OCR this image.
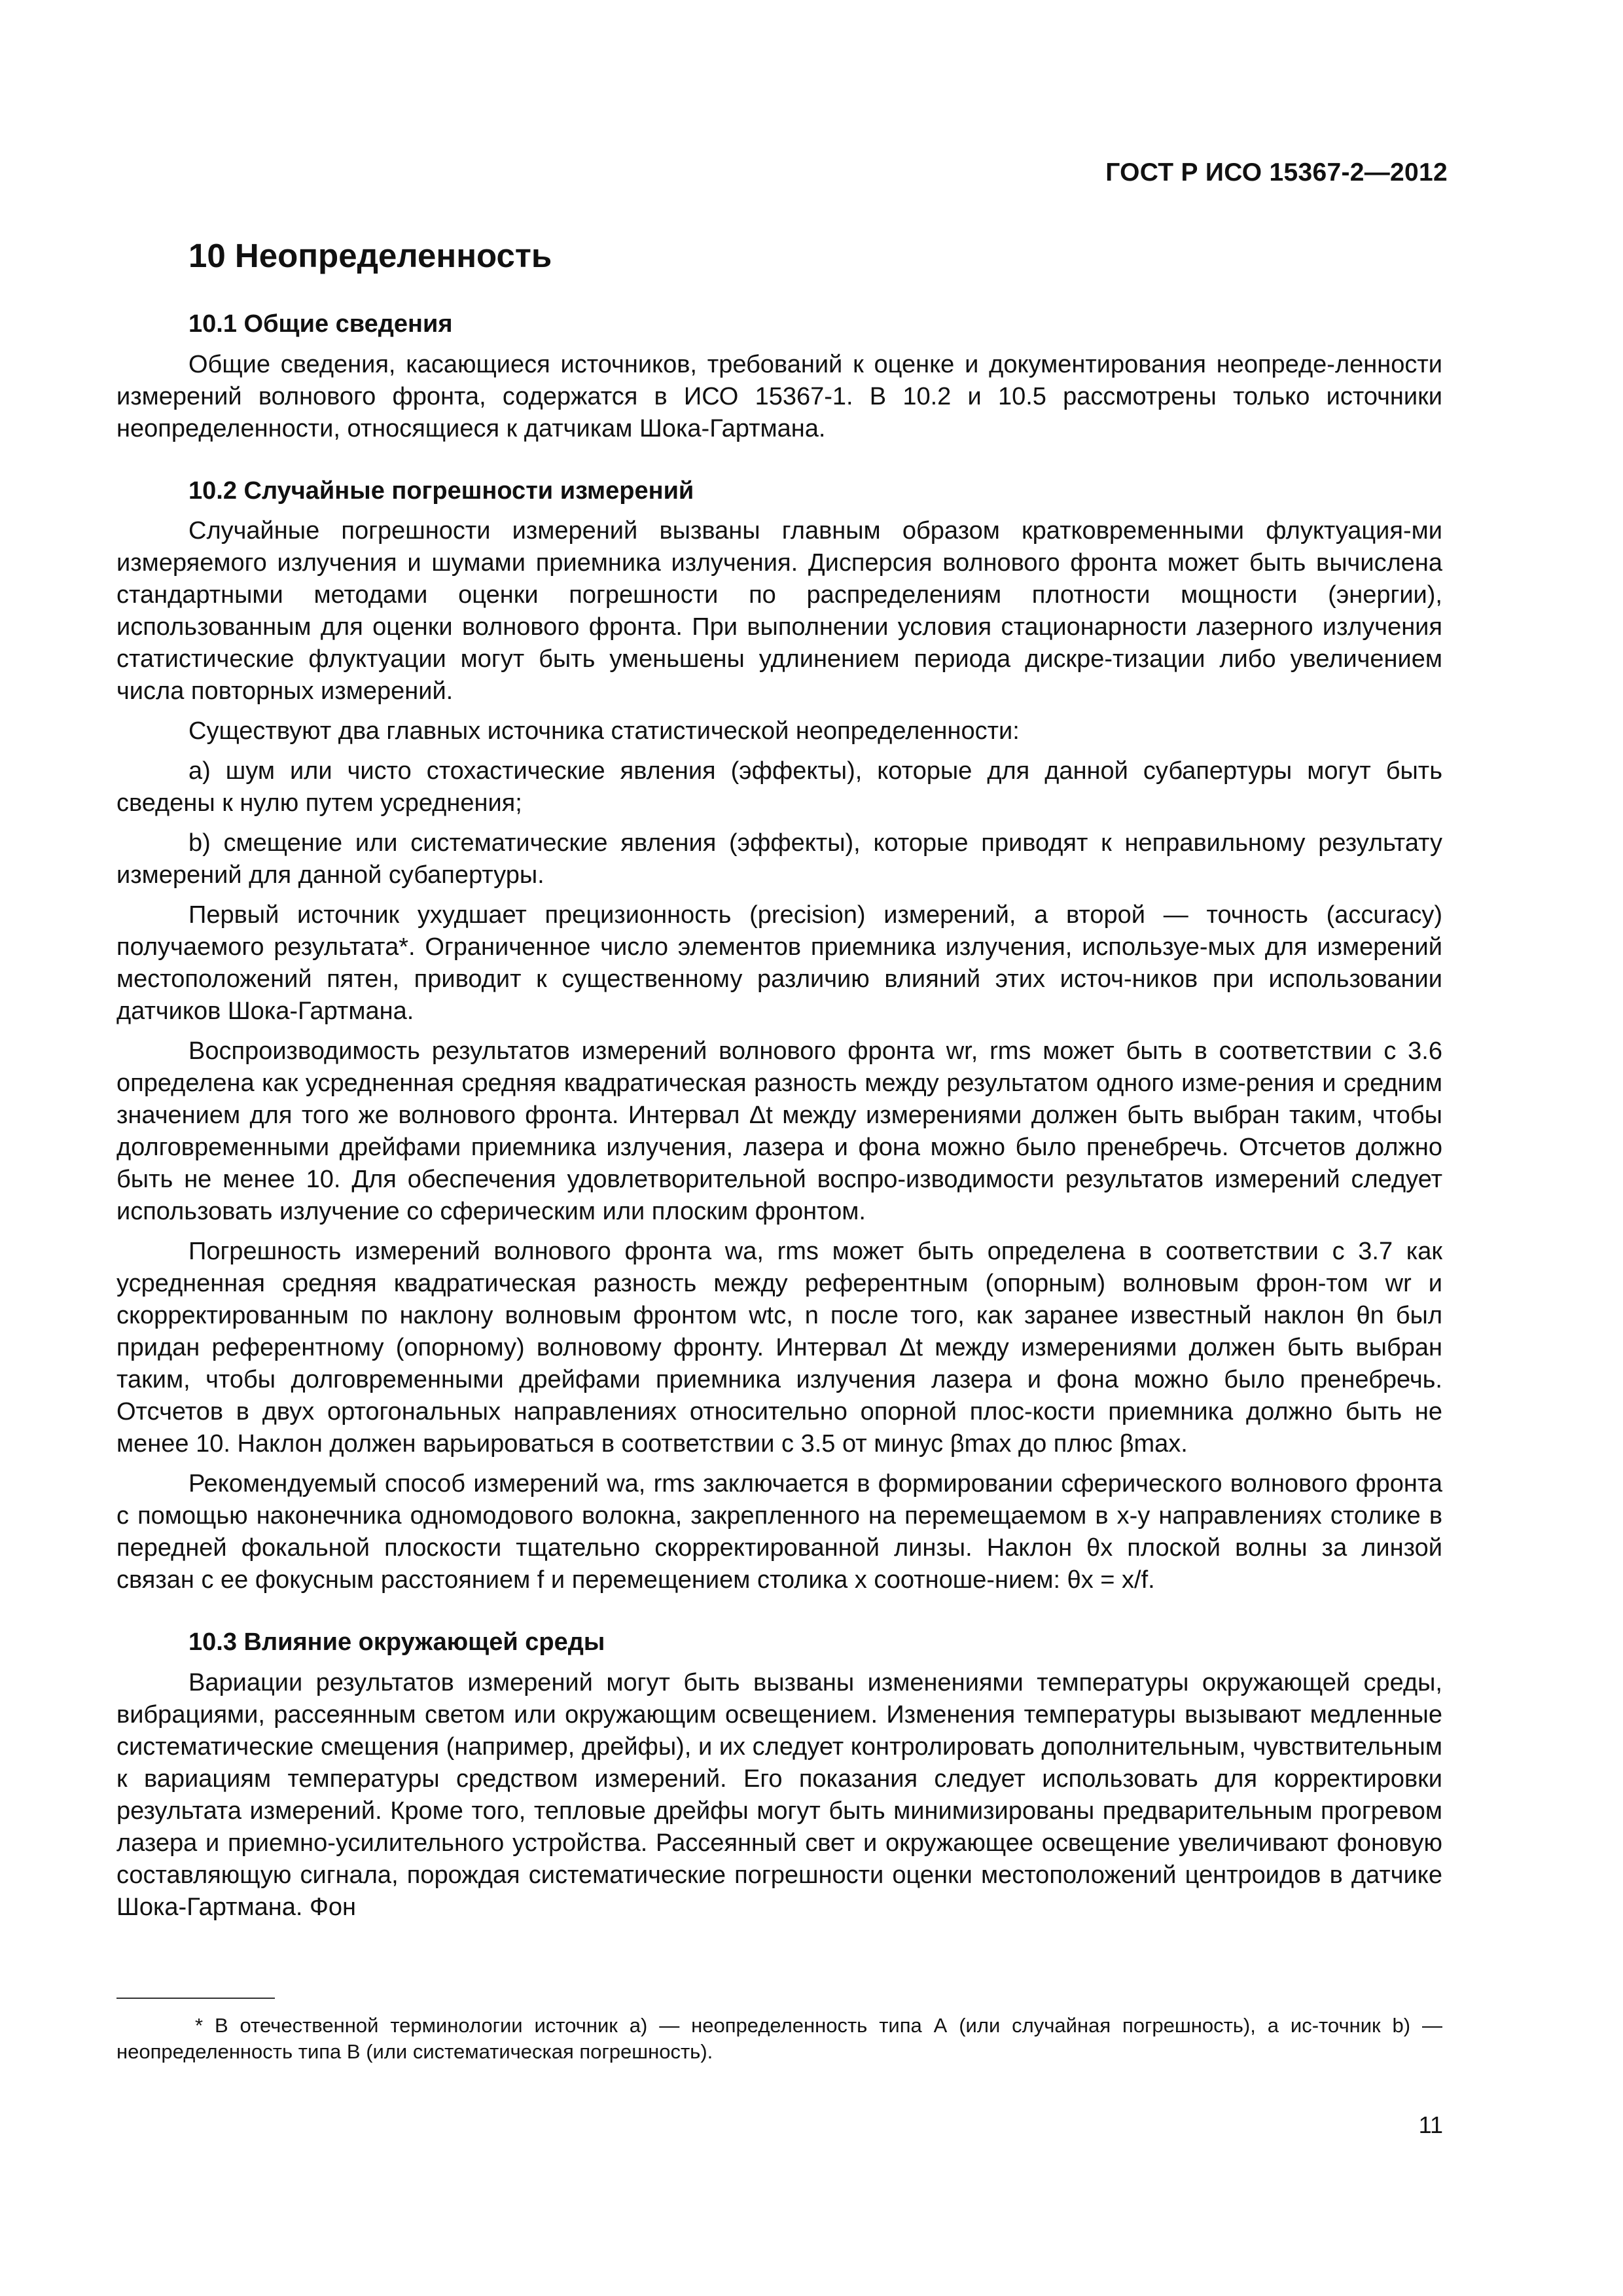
ГОСТ Р ИСО 15367-2—2012
10 Неопределенность
10.1 Общие сведения

Общие сведения, касающиеся источников, требований к оценке и документирования неопреде-ленности измерений волнового фронта, содержатся в ИСО 15367-1. В 10.2 и 10.5 рассмотрены только источники неопределенности, относящиеся к датчикам Шока-Гартмана.

10.2 Случайные погрешности измерений

Случайные погрешности измерений вызваны главным образом кратковременными флуктуация-ми измеряемого излучения и шумами приемника излучения. Дисперсия волнового фронта может быть вычислена стандартными методами оценки погрешности по распределениям плотности мощности (энергии), использованным для оценки волнового фронта. При выполнении условия стационарности лазерного излучения статистические флуктуации могут быть уменьшены удлинением периода дискре-тизации либо увеличением числа повторных измерений.

Существуют два главных источника статистической неопределенности:

a) шум или чисто стохастические явления (эффекты), которые для данной субапертуры могут быть сведены к нулю путем усреднения;

b) смещение или систематические явления (эффекты), которые приводят к неправильному результату измерений для данной субапертуры.

Первый источник ухудшает прецизионность (precision) измерений, а второй — точность (accuracy) получаемого результата*. Ограниченное число элементов приемника излучения, используе-мых для измерений местоположений пятен, приводит к существенному различию влияний этих источ-ников при использовании датчиков Шока-Гартмана.

Воспроизводимость результатов измерений волнового фронта wr, rms может быть в соответствии с 3.6 определена как усредненная средняя квадратическая разность между результатом одного изме-рения и средним значением для того же волнового фронта. Интервал Δt между измерениями должен быть выбран таким, чтобы долговременными дрейфами приемника излучения, лазера и фона можно было пренебречь. Отсчетов должно быть не менее 10. Для обеспечения удовлетворительной воспро-изводимости результатов измерений следует использовать излучение со сферическим или плоским фронтом.

Погрешность измерений волнового фронта wa, rms может быть определена в соответствии с 3.7 как усредненная средняя квадратическая разность между референтным (опорным) волновым фрон-том wr и скорректированным по наклону волновым фронтом wtc, n после того, как заранее известный наклон θn был придан референтному (опорному) волновому фронту. Интервал Δt между измерениями должен быть выбран таким, чтобы долговременными дрейфами приемника излучения лазера и фона можно было пренебречь. Отсчетов в двух ортогональных направлениях относительно опорной плос-кости приемника должно быть не менее 10. Наклон должен варьироваться в соответствии с 3.5 от минус βmax до плюс βmax.

Рекомендуемый способ измерений wa, rms заключается в формировании сферического волнового фронта с помощью наконечника одномодового волокна, закрепленного на перемещаемом в x-y направлениях столике в передней фокальной плоскости тщательно скорректированной линзы. Наклон θx плоской волны за линзой связан с ее фокусным расстоянием f и перемещением столика x соотноше-нием: θx = x/f.

10.3 Влияние окружающей среды

Вариации результатов измерений могут быть вызваны изменениями температуры окружающей среды, вибрациями, рассеянным светом или окружающим освещением. Изменения температуры вызывают медленные систематические смещения (например, дрейфы), и их следует контролировать дополнительным, чувствительным к вариациям температуры средством измерений. Его показания следует использовать для корректировки результата измерений. Кроме того, тепловые дрейфы могут быть минимизированы предварительным прогревом лазера и приемно-усилительного устройства. Рассеянный свет и окружающее освещение увеличивают фоновую составляющую сигнала, порождая систематические погрешности оценки местоположений центроидов в датчике Шока-Гартмана. Фон

* В отечественной терминологии источник a) — неопределенность типа А (или случайная погрешность), а ис-точник b) — неопределенность типа В (или систематическая погрешность).
11
